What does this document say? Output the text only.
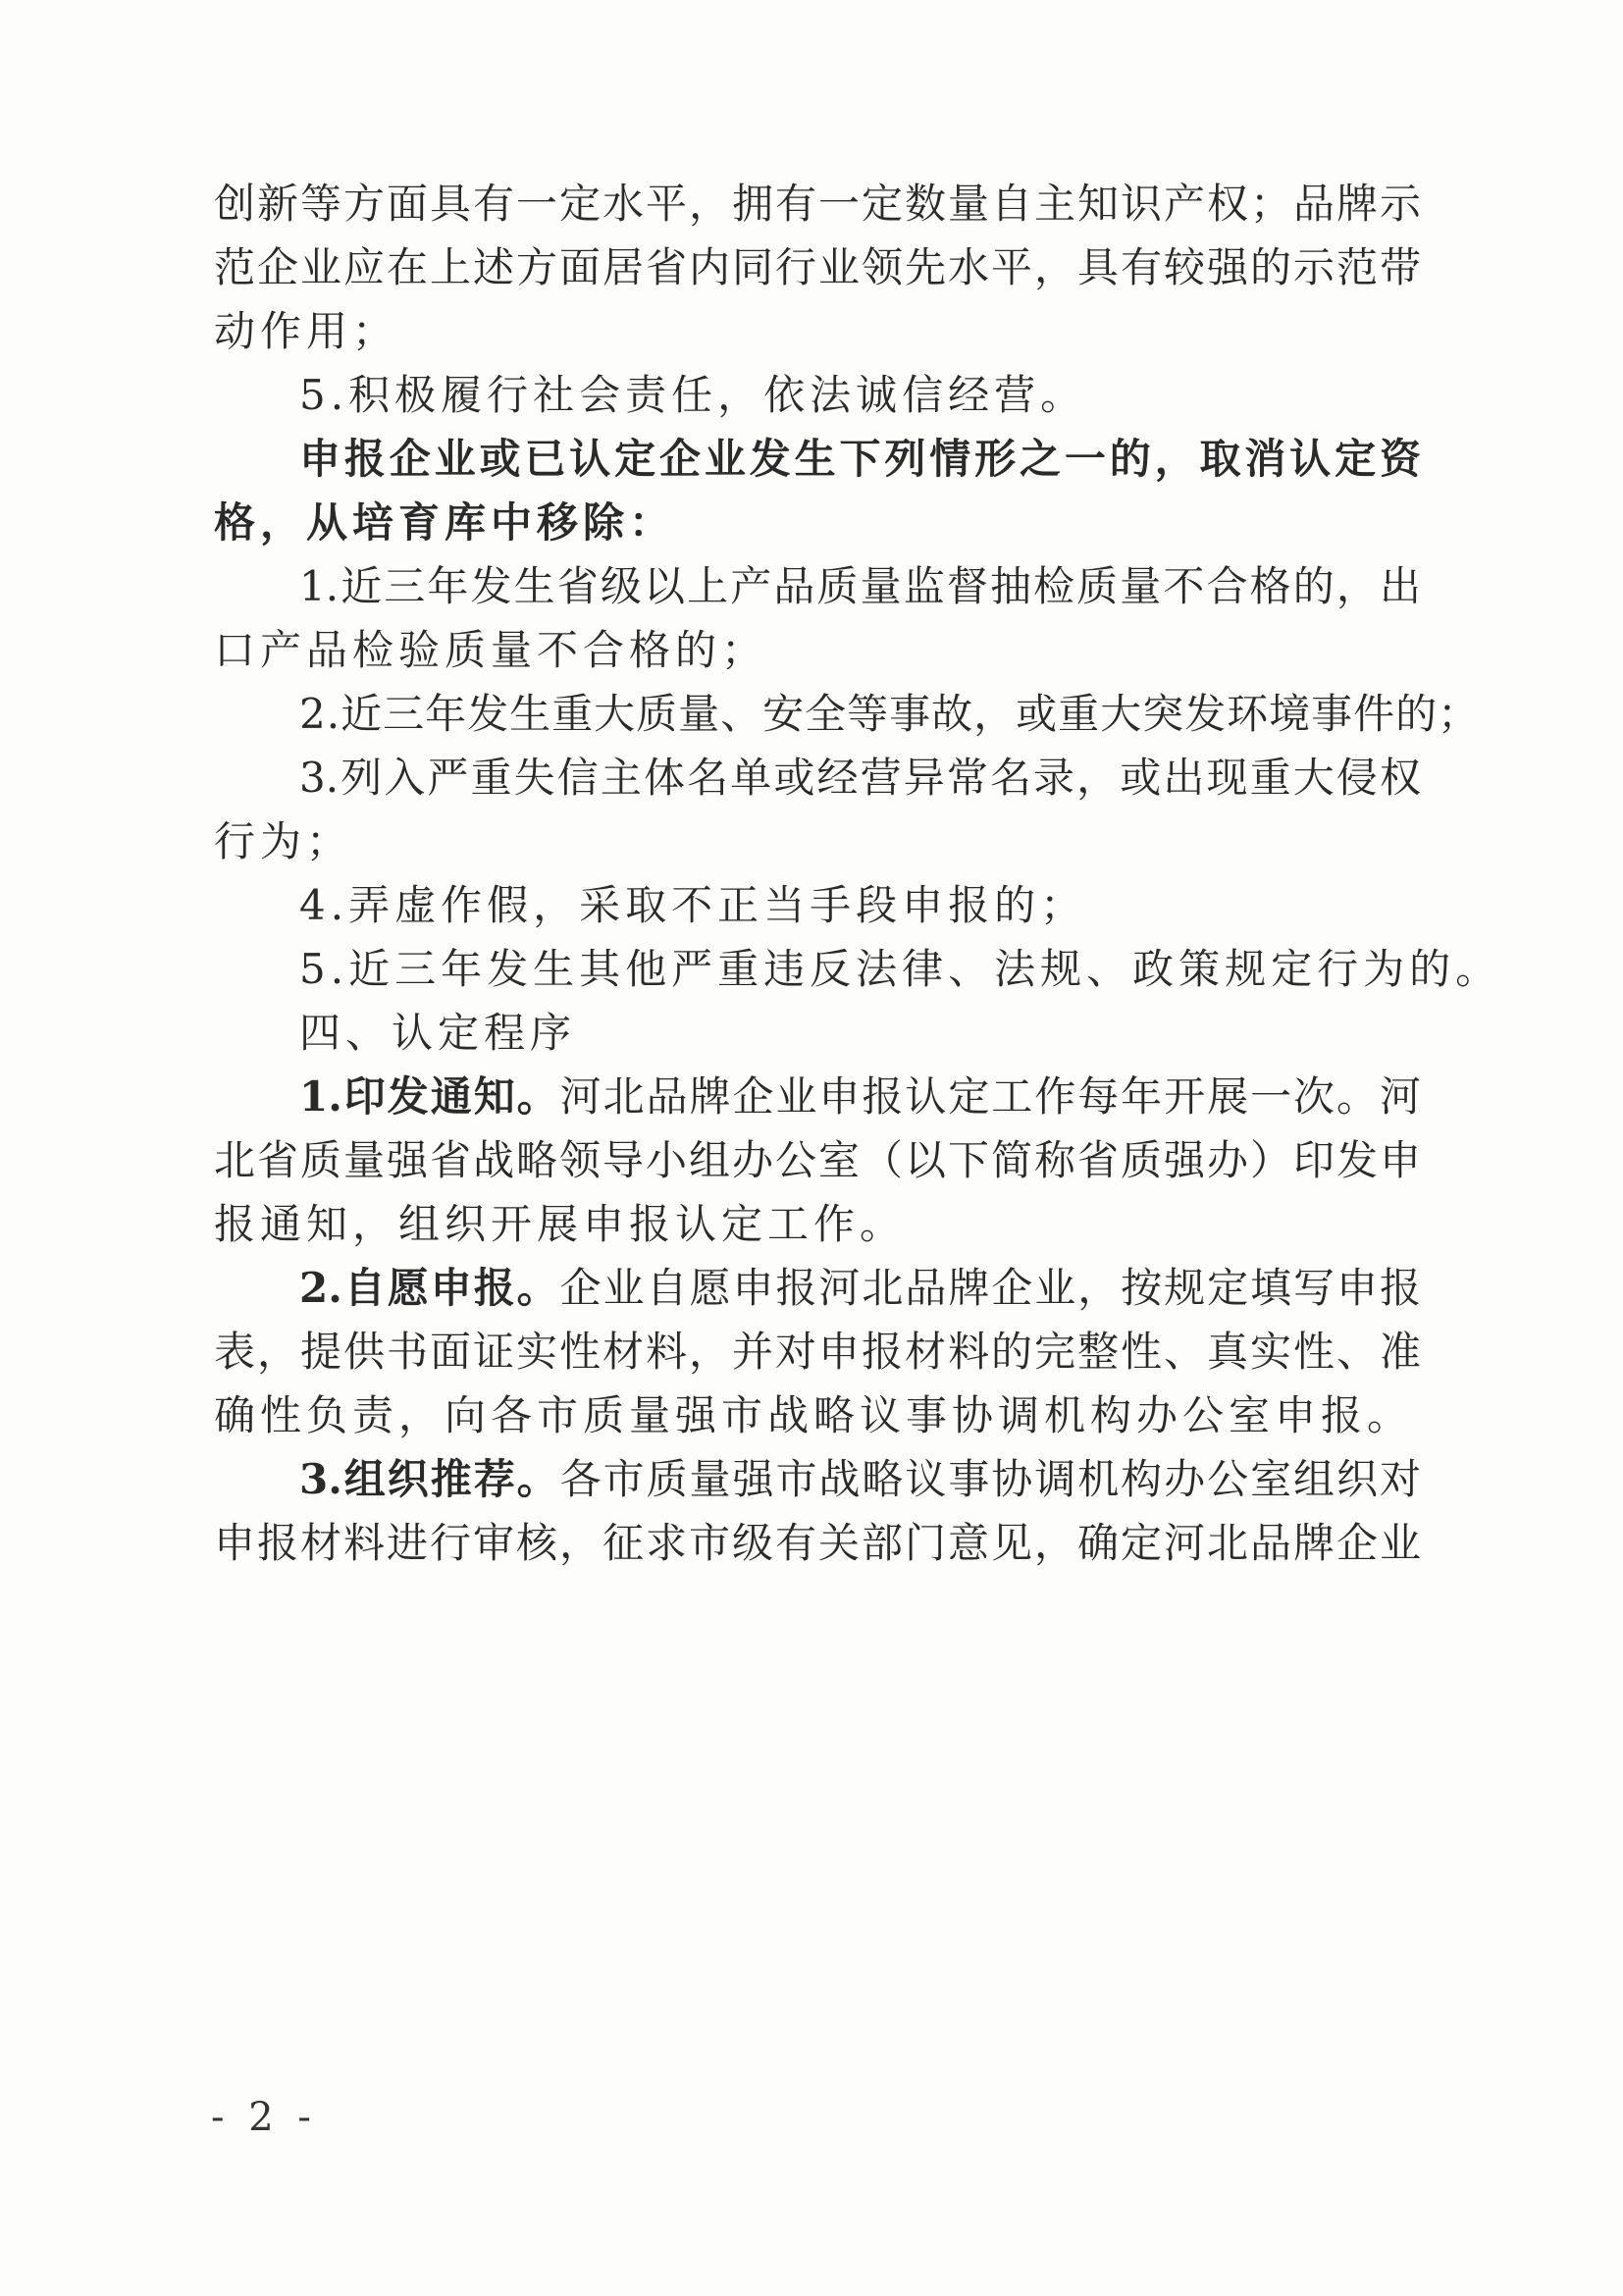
创新等方面具有一定水平，拥有一定数量自主知识产权；品牌示
范企业应在上述方面居省内同行业领先水平，具有较强的示范带
动作用；
5.积极履行社会责任，依法诚信经营。
申报企业或已认定企业发生下列情形之一的，取消认定资
格，从培育库中移除：
1.近三年发生省级以上产品质量监督抽检质量不合格的，出
口产品检验质量不合格的；
2.近三年发生重大质量、安全等事故，或重大突发环境事件的；
3.列入严重失信主体名单或经营异常名录，或出现重大侵权
行为；
4.弄虚作假，采取不正当手段申报的；
5.近三年发生其他严重违反法律、法规、政策规定行为的。
四、认定程序
1.印发通知。河北品牌企业申报认定工作每年开展一次。河
北省质量强省战略领导小组办公室（以下简称省质强办）印发申
报通知，组织开展申报认定工作。
2.自愿申报。企业自愿申报河北品牌企业，按规定填写申报
表，提供书面证实性材料，并对申报材料的完整性、真实性、准
确性负责，向各市质量强市战略议事协调机构办公室申报。
3.组织推荐。各市质量强市战略议事协调机构办公室组织对
申报材料进行审核，征求市级有关部门意见，确定河北品牌企业
- 2 -
